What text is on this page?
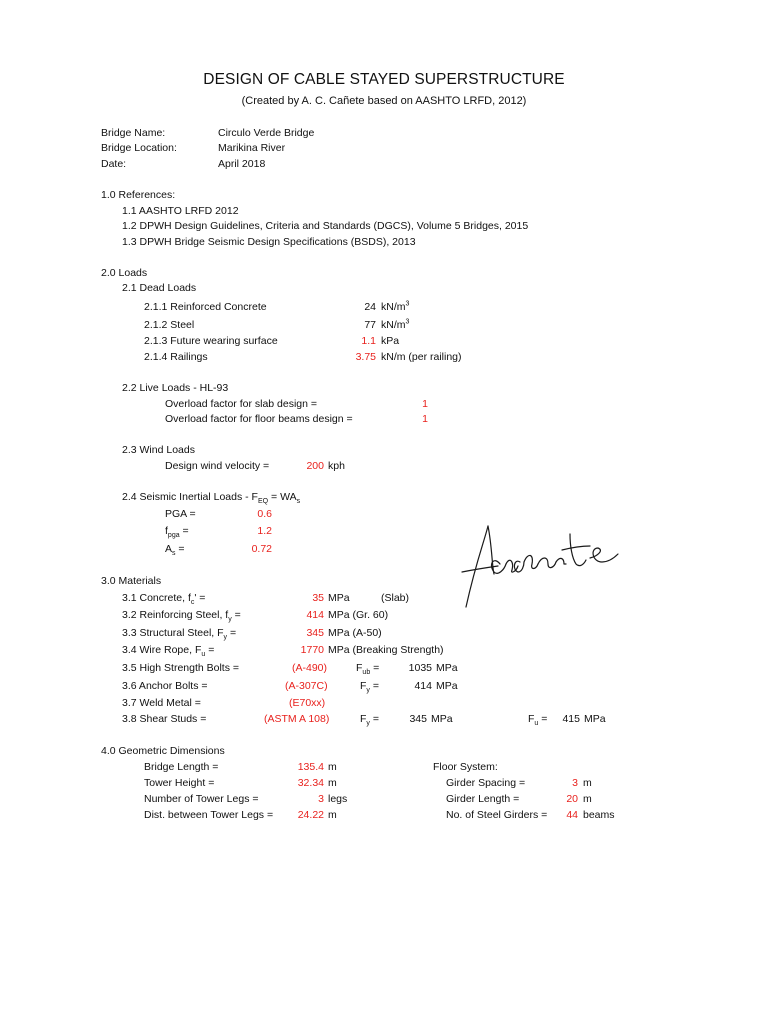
DESIGN OF CABLE STAYED SUPERSTRUCTURE
(Created by A. C. Cañete based on AASHTO LRFD, 2012)
Bridge Name:	Circulo Verde Bridge
Bridge Location:	Marikina River
Date:	April 2018
1.0 References:
1.1 AASHTO LRFD 2012
1.2 DPWH Design Guidelines, Criteria and Standards (DGCS), Volume 5 Bridges, 2015
1.3 DPWH Bridge Seismic Design Specifications (BSDS), 2013
2.0 Loads
2.1 Dead Loads
2.1.1 Reinforced Concrete	24 $kN/m^3$
2.1.2 Steel	77 $kN/m^3$
2.1.3 Future wearing surface	1.1 kPa
2.1.4 Railings	3.75 kN/m (per railing)
2.2 Live Loads - HL-93
Overload factor for slab design =	1
Overload factor for floor beams design =	1
2.3 Wind Loads
Design wind velocity =	200 kph
2.4 Seismic Inertial Loads - $F_{EQ} = WA_s$
PGA =	0.6
$f_{pga}$ =	1.2
$A_s$ =	0.72
3.0 Materials
3.1 Concrete, $f_c'$ =	35 MPa	(Slab)
3.2 Reinforcing Steel, $f_y$ =	414 MPa (Gr. 60)
3.3 Structural Steel, $F_y$ =	345 MPa (A-50)
3.4 Wire Rope, $F_u$ =	1770 MPa (Breaking Strength)
3.5 High Strength Bolts =	(A-490)	$F_{ub}$ =	1035 MPa
3.6 Anchor Bolts =	(A-307C)	$F_y$ =	414 MPa
3.7 Weld Metal =	(E70xx)
3.8 Shear Studs =	(ASTM A 108)	$F_y$ =	345 MPa	$F_u$ =	415 MPa
4.0 Geometric Dimensions
Bridge Length =	135.4 m
Tower Height =	32.34 m
Number of Tower Legs =	3 legs
Dist. between Tower Legs =	24.22 m
Floor System:
Girder Spacing =	3 m
Girder Length =	20 m
No. of Steel Girders =	44 beams
